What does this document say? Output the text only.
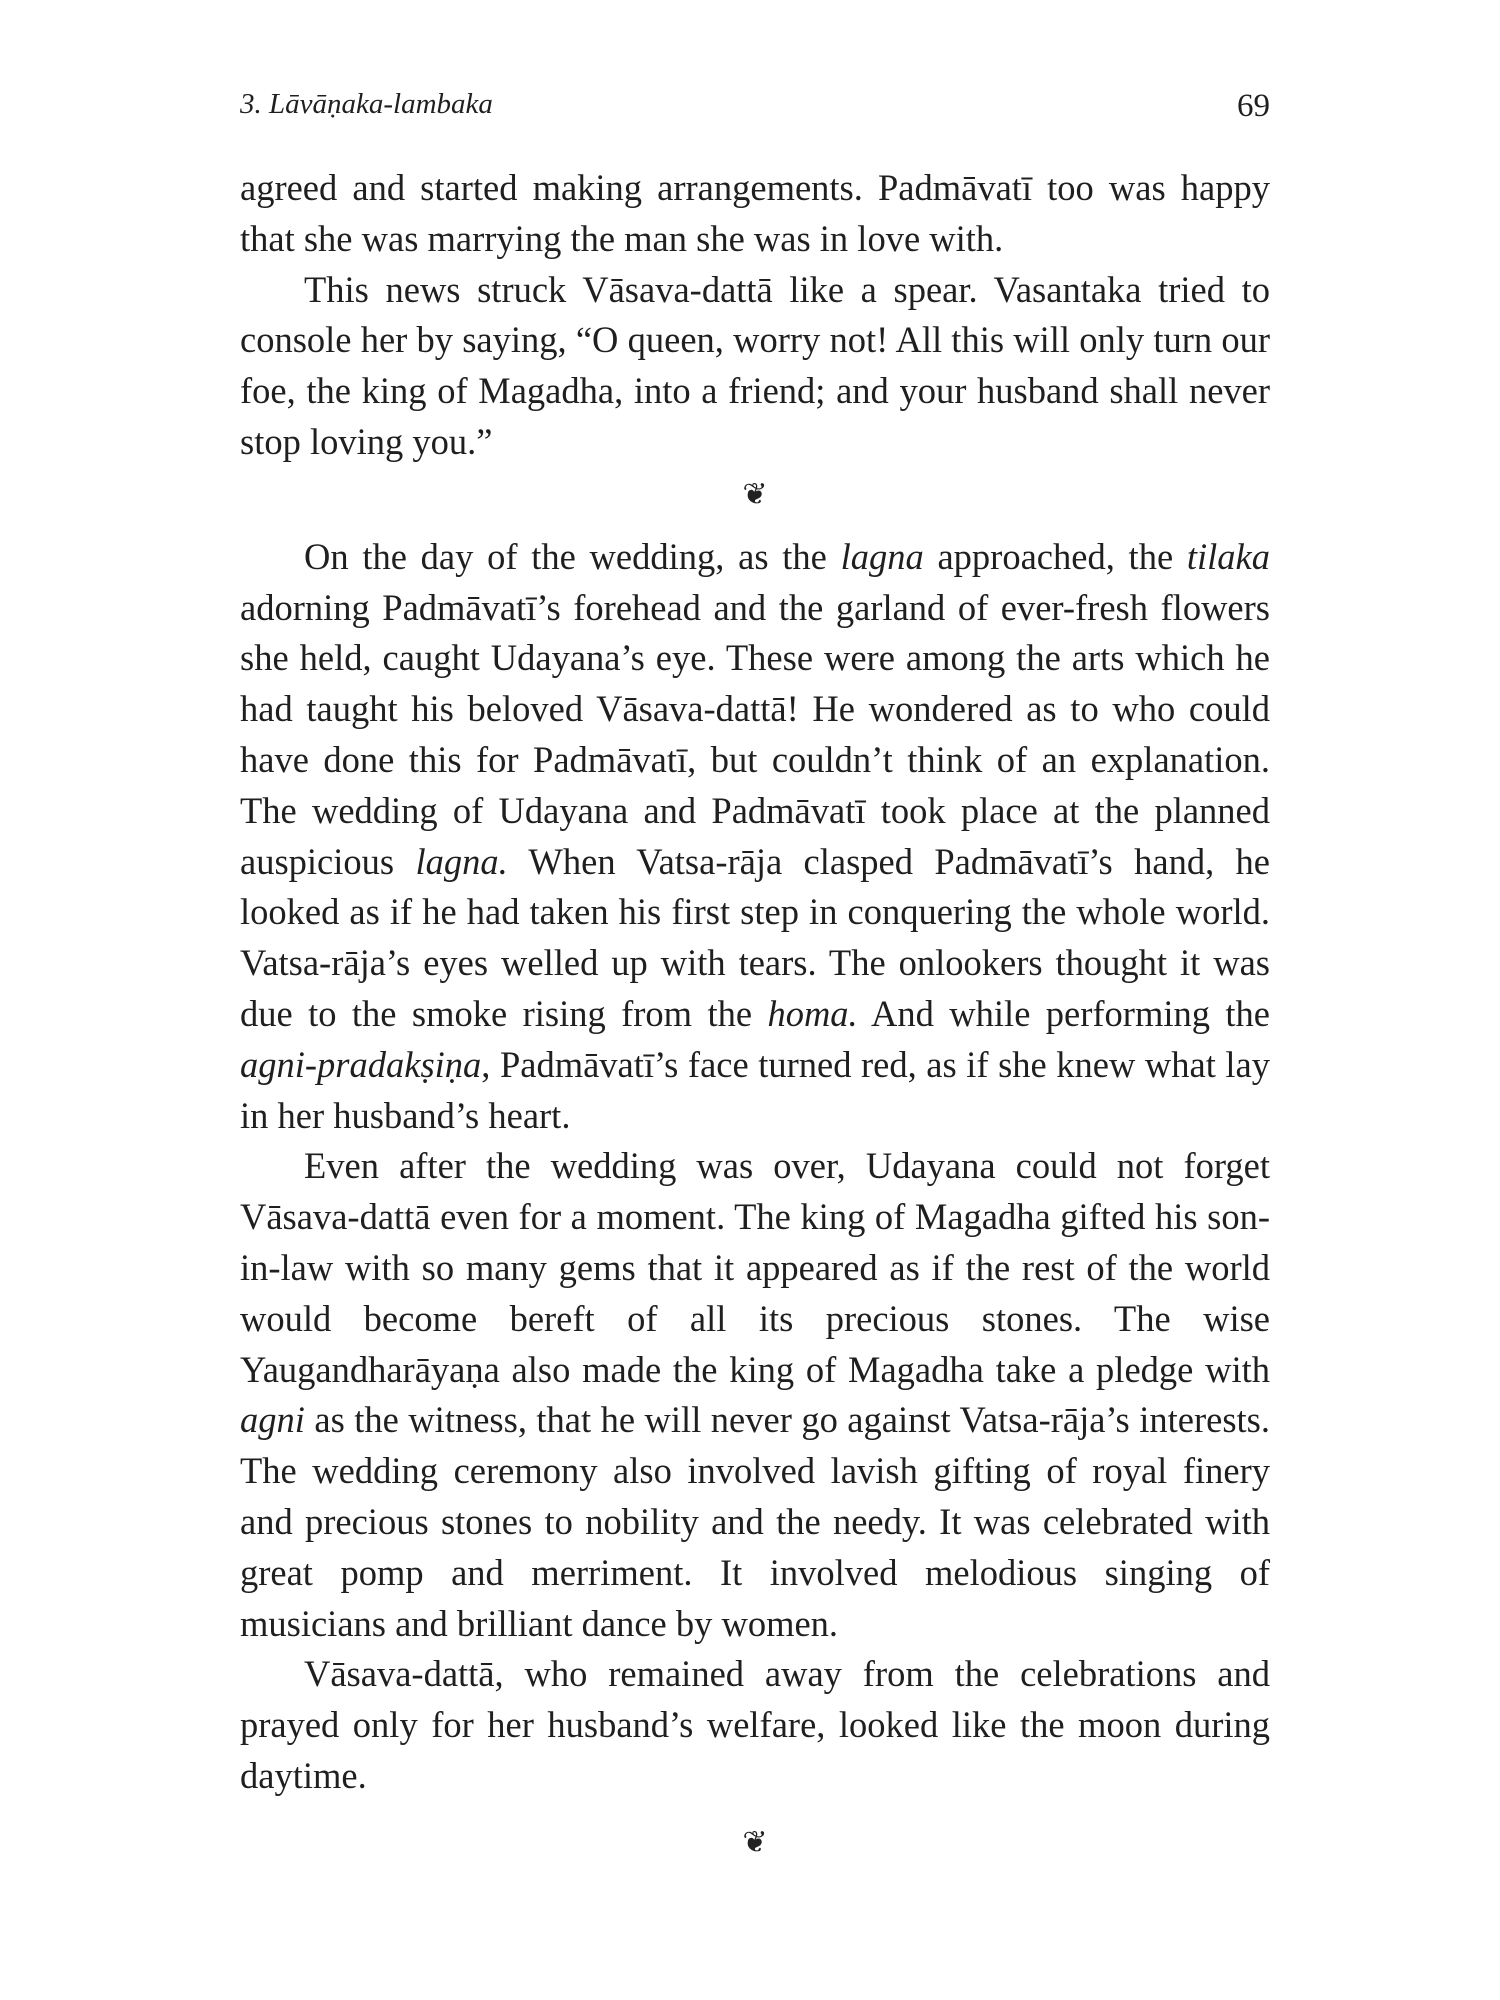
3. Lāvāṇaka-lambaka	69

agreed and started making arrangements. Padmāvatī too was happy that she was marrying the man she was in love with.

This news struck Vāsava-dattā like a spear. Vasantaka tried to console her by saying, “O queen, worry not! All this will only turn our foe, the king of Magadha, into a friend; and your husband shall never stop loving you.”

❦

On the day of the wedding, as the lagna approached, the tilaka adorning Padmāvatī’s forehead and the garland of ever-fresh flowers she held, caught Udayana’s eye. These were among the arts which he had taught his beloved Vāsava-dattā! He wondered as to who could have done this for Padmāvatī, but couldn’t think of an explanation. The wedding of Udayana and Padmāvatī took place at the planned auspicious lagna. When Vatsa-rāja clasped Padmāvatī’s hand, he looked as if he had taken his first step in conquering the whole world. Vatsa-rāja’s eyes welled up with tears. The onlookers thought it was due to the smoke rising from the homa. And while performing the agni-pradakṣiṇa, Padmāvatī’s face turned red, as if she knew what lay in her husband’s heart.

Even after the wedding was over, Udayana could not forget Vāsava-dattā even for a moment. The king of Magadha gifted his son-in-law with so many gems that it appeared as if the rest of the world would become bereft of all its precious stones. The wise Yaugandharāyaṇa also made the king of Magadha take a pledge with agni as the witness, that he will never go against Vatsa-rāja’s interests. The wedding ceremony also involved lavish gifting of royal finery and precious stones to nobility and the needy. It was celebrated with great pomp and merriment. It involved melodious singing of musicians and brilliant dance by women.

Vāsava-dattā, who remained away from the celebrations and prayed only for her husband’s welfare, looked like the moon during daytime.

❦
